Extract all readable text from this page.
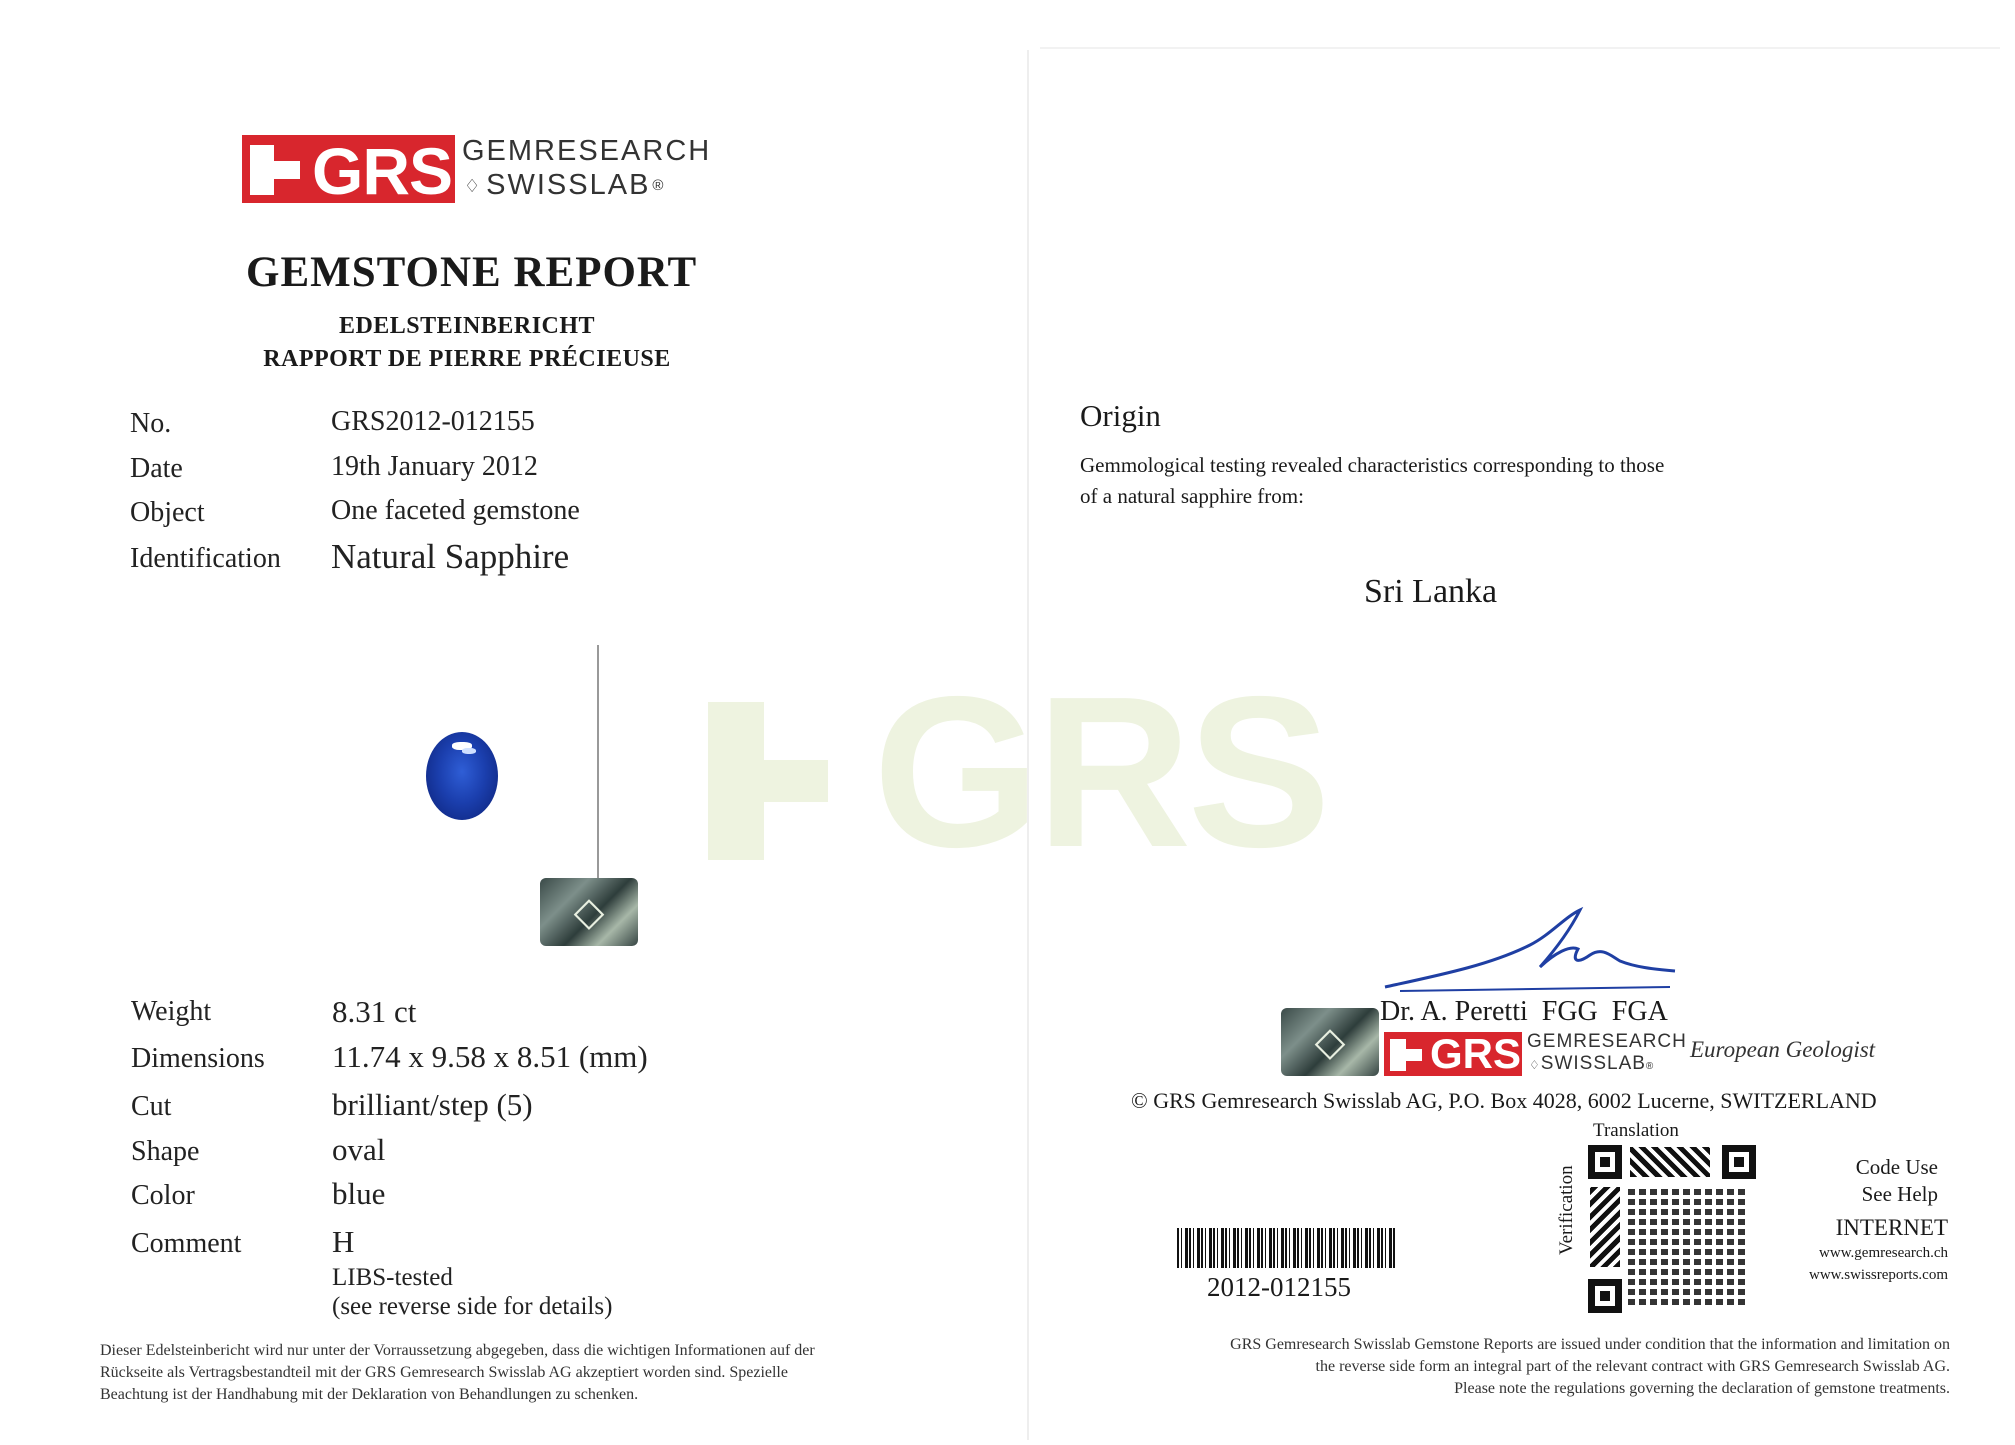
GRS
GRS GEMRESEARCH
♢ SWISSLAB ®
GEMSTONE REPORT
EDELSTEINBERICHT
RAPPORT DE PIERRE PRÉCIEUSE
No.	GRS2012-012155
Date	19th January 2012
Object	One faceted gemstone
Identification Natural Sapphire
◇
Weight	8.31 ct
Dimensions 11.74 x 9.58 x 8.51 (mm)
Cut	brilliant/step (5)
Shape	oval
Color	blue
Comment	H
LIBS-tested
(see reverse side for details)
Dieser Edelsteinbericht wird nur unter der Vorraussetzung abgegeben, dass die wichtigen Informationen auf der
Rückseite als Vertragsbestandteil mit der GRS Gemresearch Swisslab AG akzeptiert worden sind. Spezielle
Beachtung ist der Handhabung mit der Deklaration von Behandlungen zu schenken.
Origin
Gemmological testing revealed characteristics corresponding to those
of a natural sapphire from:
Sri Lanka
Dr. A. Peretti  FGG  FGA
◇ GRS GEMRESEARCH
♢SWISSLAB®
European Geologist
© GRS Gemresearch Swisslab AG, P.O. Box 4028, 6002 Lucerne, SWITZERLAND
Translation
Verification	Code Use
See Help
INTERNET
www.gemresearch.ch
www.swissreports.com
2012-012155
GRS Gemresearch Swisslab Gemstone Reports are issued under condition that the information and limitation on
the reverse side form an integral part of the relevant contract with GRS Gemresearch Swisslab AG.
Please note the regulations governing the declaration of gemstone treatments.
